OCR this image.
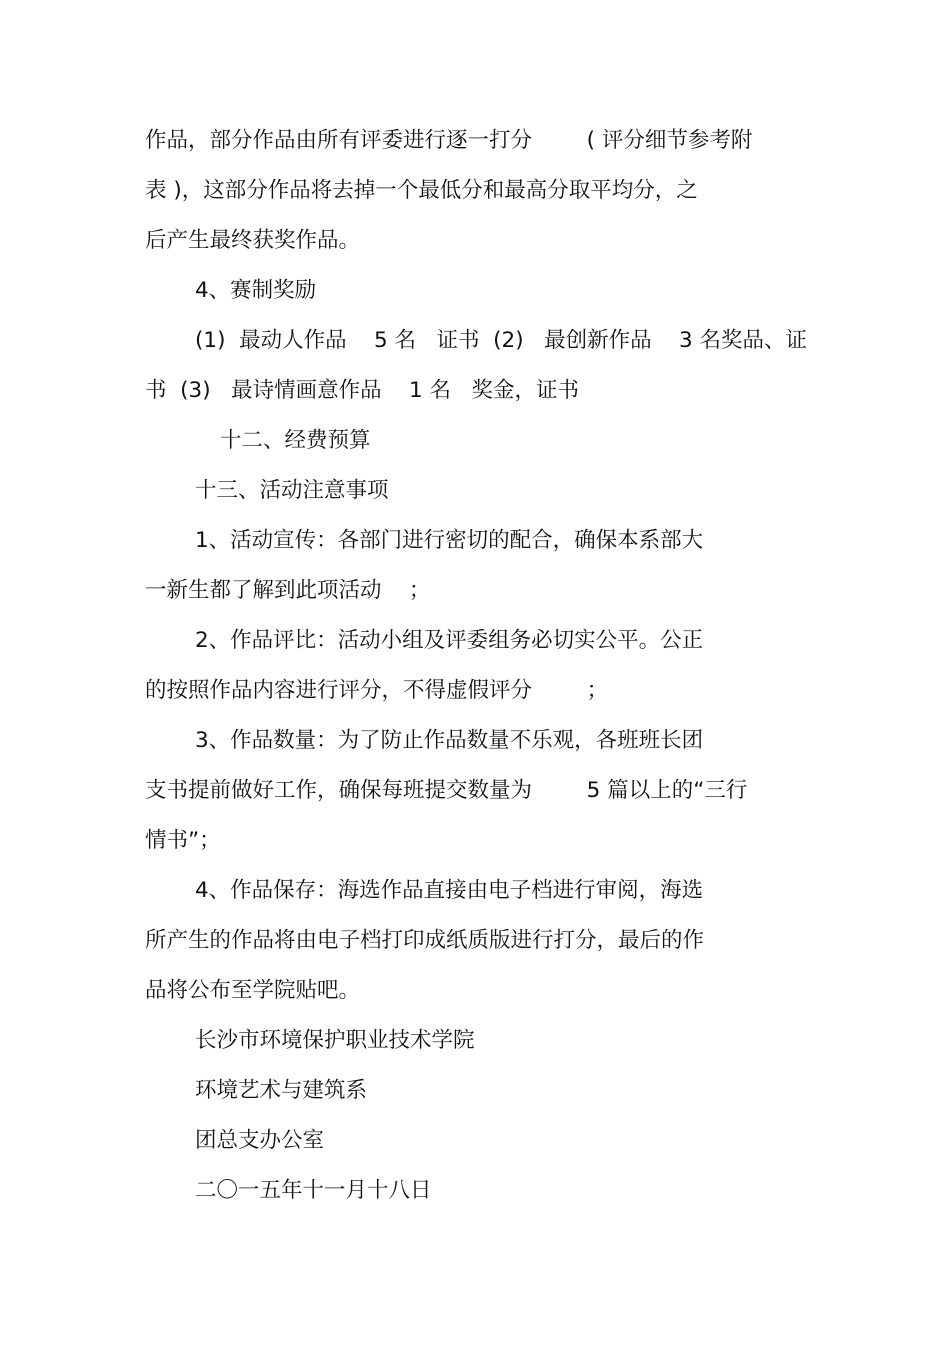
作品，部分作品由所有评委进行逐一打分        ( 评分细节参考附
表 )，这部分作品将去掉一个最低分和最高分取平均分，之
后产生最终获奖作品。
4、赛制奖励
(1)  最动人作品    5 名   证书  (2)   最创新作品    3 名奖品、证
书  (3)   最诗情画意作品    1 名   奖金，证书
十二、经费预算
十三、活动注意事项
1、活动宣传：各部门进行密切的配合，确保本系部大
一新生都了解到此项活动    ；
2、作品评比：活动小组及评委组务必切实公平。公正
的按照作品内容进行评分，不得虚假评分        ；
3、作品数量：为了防止作品数量不乐观，各班班长团
支书提前做好工作，确保每班提交数量为        5 篇以上的“三行
情书”；
4、作品保存：海选作品直接由电子档进行审阅，海选
所产生的作品将由电子档打印成纸质版进行打分，最后的作
品将公布至学院贴吧。
长沙市环境保护职业技术学院
环境艺术与建筑系
团总支办公室
二〇一五年十一月十八日
